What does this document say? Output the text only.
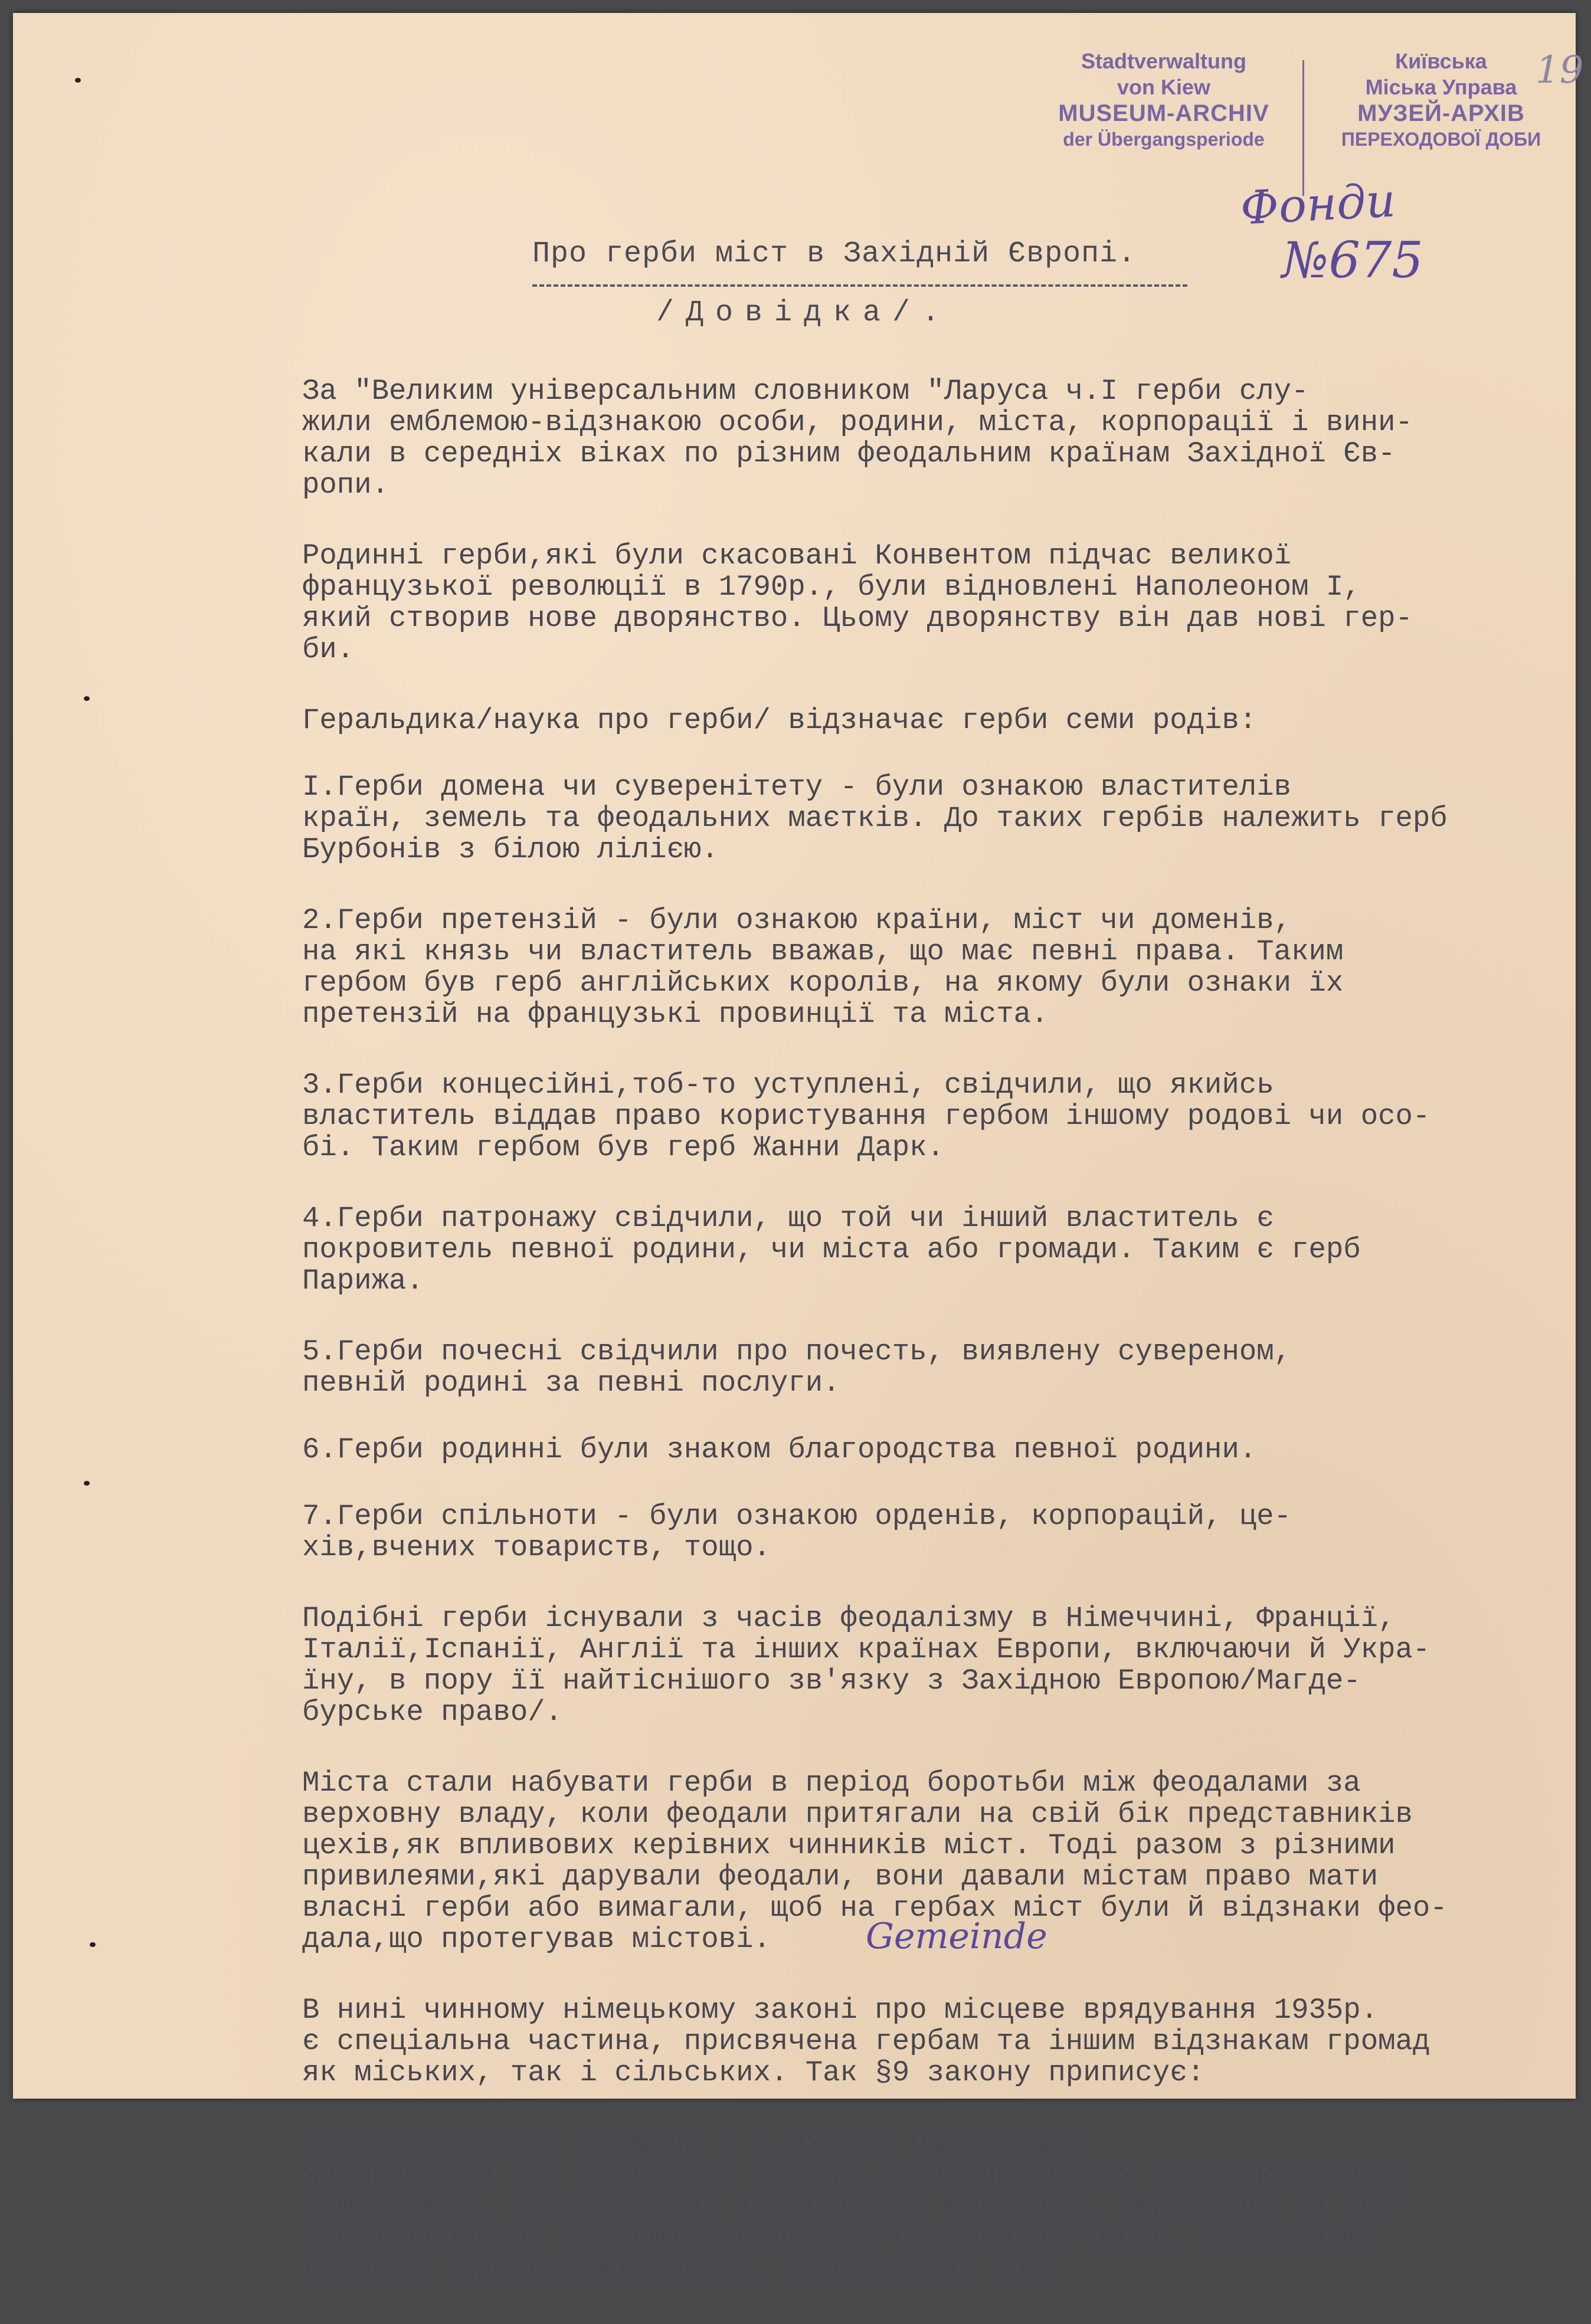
Stadtverwaltung
von Kiew
MUSEUM-ARCHIV
der Übergangsperiode
Київська
Міська Управа
МУЗЕЙ-АРХІВ
ПЕРЕХОДОВОЇ ДОБИ
19
Фонди
№675
Про герби міст в Західній Європі.
/Довідка/.

За "Великим універсальним словником "Ларуса ч.І герби слу-
жили емблемою-відзнакою особи, родини, міста, корпорації і вини-
кали в середніх віках по різним феодальним країнам Західної Єв-
ропи.

Родинні герби,які були скасовані Конвентом підчас великої
французької революції в 1790р., були відновлені Наполеоном І,
який створив нове дворянство. Цьому дворянству він дав нові гер-
би.

Геральдика/наука про герби/ відзначає герби семи родів:

І.Герби домена чи суверенітету - були ознакою властителів
країн, земель та феодальних маєтків. До таких гербів належить герб
Бурбонів з білою лілією.

2.Герби претензій - були ознакою країни, міст чи доменів,
на які князь чи властитель вважав, що має певні права. Таким
гербом був герб англійських королів, на якому були ознаки їх
претензій на французькі провинції та міста.

3.Герби концесійні,тоб-то уступлені, свідчили, що якийсь
властитель віддав право користування гербом іншому родові чи осо-
бі. Таким гербом був герб Жанни Дарк.

4.Герби патронажу свідчили, що той чи інший властитель є
покровитель певної родини, чи міста або громади. Таким є герб
Парижа.

5.Герби почесні свідчили про почесть, виявлену сувереном,
певній родині за певні послуги.

6.Герби родинні були знаком благородства певної родини.

7.Герби спільноти - були ознакою орденів, корпорацій, це-
хів,вчених товариств, тощо.

Подібні герби існували з часів феодалізму в Німеччині, Франції,
Італії,Іспанії, Англії та інших країнах Европи, включаючи й Укра-
їну, в пору її найтіснішого зв'язку з Західною Европою/Магде-
бурське право/.

Міста стали набувати герби в період боротьби між феодалами за
верховну владу, коли феодали притягали на свій бік представників
цехів,як впливових керівних чинників міст. Тоді разом з різними
привилеями,які дарували феодали, вони давали містам право мати
власні герби або вимагали, щоб на гербах міст були й відзнаки фео-
дала,що протегував містові.

В нині чинному німецькому законі про місцеве врядування 1935р.
є спеціальна частина, присвячена гербам та іншим відзнакам громад
як міських, так і сільських. Так §9 закону приписує:

...Містами суть громади / /,які до цього часу
називаються так на основі закону. Громади можуть також набирати
інших назв, основаних на історичному минулому, характері та зна-
ченні громади. Райхсштадтгальтер /губернатор/ може, вислухавши
громаду, пропонувати назву, або змінити її.

Gemeinde
